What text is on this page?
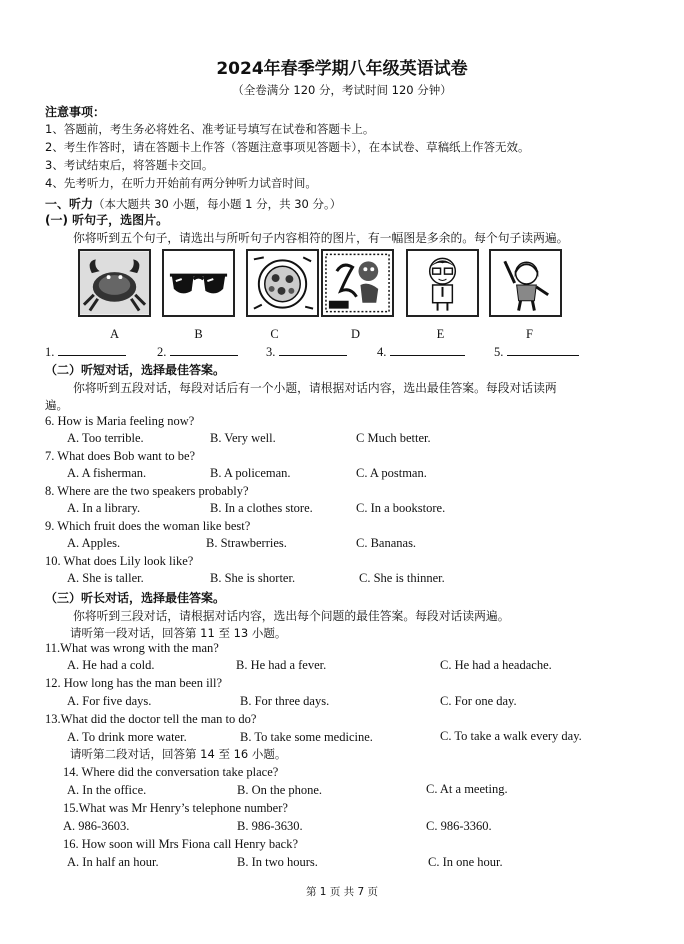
2024年春季学期八年级英语试卷
（全卷满分 120 分，考试时间 120 分钟）
注意事项：
1、答题前，考生务必将姓名、准考证号填写在试卷和答题卡上。
2、考生作答时，请在答题卡上作答（答题注意事项见答题卡），在本试卷、草稿纸上作答无效。
3、考试结束后，将答题卡交回。
4、先考听力，在听力开始前有两分钟听力试音时间。
一、听力（本大题共 30 小题，每小题 1 分，共 30 分。）
(一) 听句子，选图片。
你将听到五个句子，请选出与所听句子内容相符的图片，有一幅图是多余的。每个句子读两遍。
A	B	C	D	E	F
1.	2.	3.	4.	5.
（二）听短对话，选择最佳答案。
你将听到五段对话，每段对话后有一个小题，请根据对话内容，选出最佳答案。每段对话读两
遍。
6. How is Maria feeling now?
A. Too terrible.	B. Very well.	C Much better.
7. What does Bob want to be?
A. A fisherman.	B. A policeman.	C. A postman.
8. Where are the two speakers probably?
A. In a library.	B. In a clothes store.	C. In a bookstore.
9. Which fruit does the woman like best?
A. Apples.	B. Strawberries.	C. Bananas.
10. What does Lily look like?
A. She is taller.	B. She is shorter.	C. She is thinner.
（三）听长对话，选择最佳答案。
你将听到三段对话，请根据对话内容，选出每个问题的最佳答案。每段对话读两遍。
请听第一段对话，回答第 11 至 13 小题。
11.What was wrong with the man?
A. He had a cold.	B. He had a fever.	C. He had a headache.
12. How long has the man been ill?
A. For five days.	B. For three days.	C. For one day.
13.What did the doctor tell the man to do?
A. To drink more water.	B. To take some medicine.	C. To take a walk every day.
请听第二段对话，回答第 14 至 16 小题。
14. Where did the conversation take place?
A. In the office.	B. On the phone.	C. At a meeting.
15.What was Mr Henry’s telephone number?
A. 986-3603.	B. 986-3630.	C. 986-3360.
16. How soon will Mrs Fiona call Henry back?
A. In half an hour.	B. In two hours.	C. In one hour.
第 1 页 共 7 页
